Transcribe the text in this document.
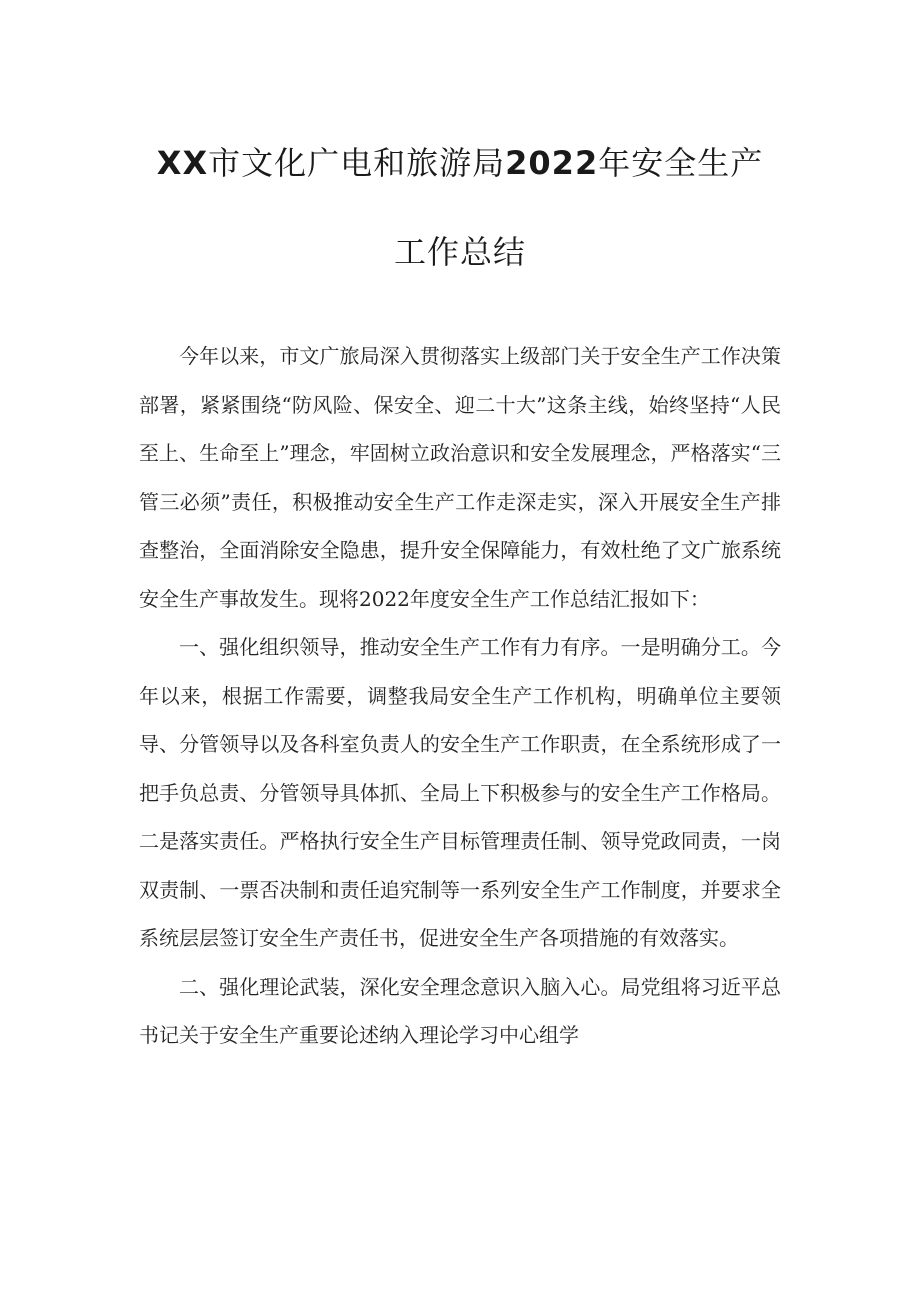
XX市文化广电和旅游局2022年安全生产
工作总结

今年以来，市文广旅局深入贯彻落实上级部门关于安全生产工作决策部署，紧紧围绕“防风险、保安全、迎二十大”这条主线，始终坚持“人民至上、生命至上”理念，牢固树立政治意识和安全发展理念，严格落实“三管三必须”责任，积极推动安全生产工作走深走实，深入开展安全生产排查整治，全面消除安全隐患，提升安全保障能力，有效杜绝了文广旅系统安全生产事故发生。现将2022年度安全生产工作总结汇报如下：

一、强化组织领导，推动安全生产工作有力有序。一是明确分工。今年以来，根据工作需要，调整我局安全生产工作机构，明确单位主要领导、分管领导以及各科室负责人的安全生产工作职责，在全系统形成了一把手负总责、分管领导具体抓、全局上下积极参与的安全生产工作格局。二是落实责任。严格执行安全生产目标管理责任制、领导党政同责，一岗双责制、一票否决制和责任追究制等一系列安全生产工作制度，并要求全系统层层签订安全生产责任书，促进安全生产各项措施的有效落实。

二、强化理论武装，深化安全理念意识入脑入心。局党组将习近平总书记关于安全生产重要论述纳入理论学习中心组学
